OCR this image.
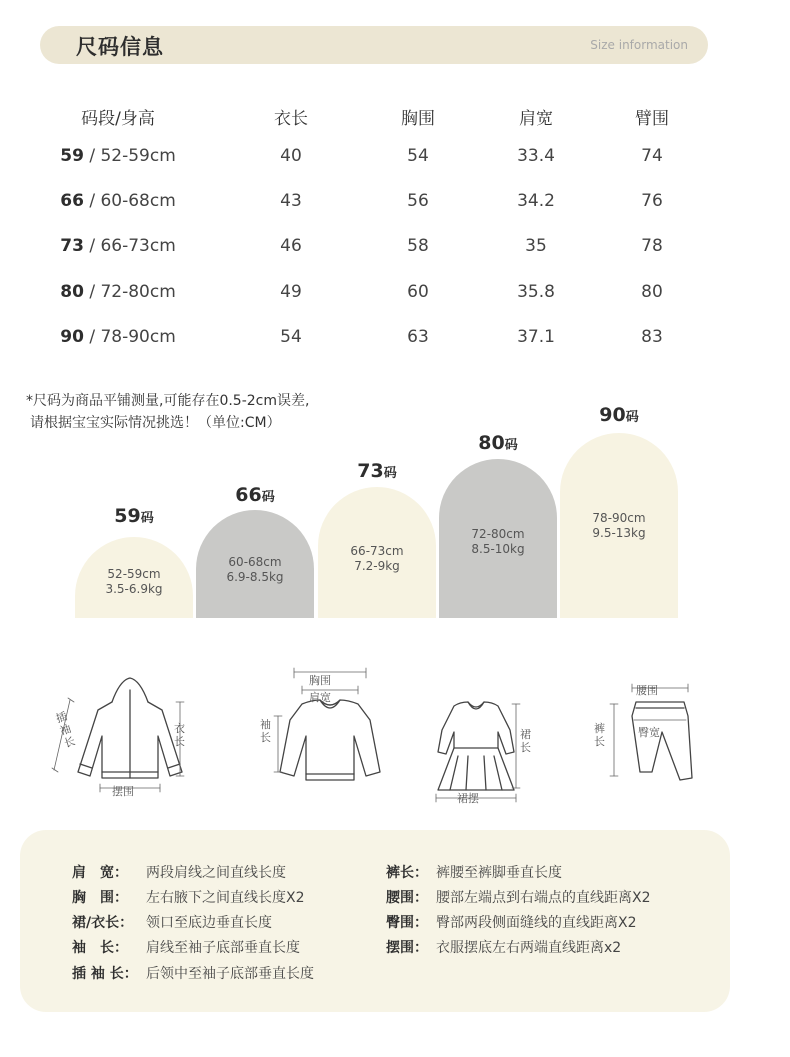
尺码信息	Size information
码段/身高	衣长	胸围	肩宽	臂围
59 / 52-59cm	40	54	33.4	74
66 / 60-68cm	43	56	34.2	76
73 / 66-73cm	46	58	35	78
80 / 72-80cm	49	60	35.8	80
90 / 78-90cm	54	63	37.1	83
*尺码为商品平铺测量,可能存在0.5-2cm误差,
请根据宝宝实际情况挑选！（单位:CM）
59码
52-59cm
3.5-6.9kg
66码
60-68cm
6.9-8.5kg
73码
66-73cm
7.2-9kg
80码
72-80cm
8.5-10kg
90码
78-90cm
9.5-13kg
插袖长
衣长
摆围
胸围
肩宽
袖长	裙长
裙摆
腰围
臀宽
裤长
肩　宽： 两段肩线之间直线长度
胸　围： 左右腋下之间直线长度X2
裙/衣长： 领口至底边垂直长度
袖　长： 肩线至袖子底部垂直长度
插 袖 长： 后领中至袖子底部垂直长度
裤长： 裤腰至裤脚垂直长度
腰围： 腰部左端点到右端点的直线距离X2
臀围： 臀部两段侧面缝线的直线距离X2
摆围： 衣服摆底左右两端直线距离x2
